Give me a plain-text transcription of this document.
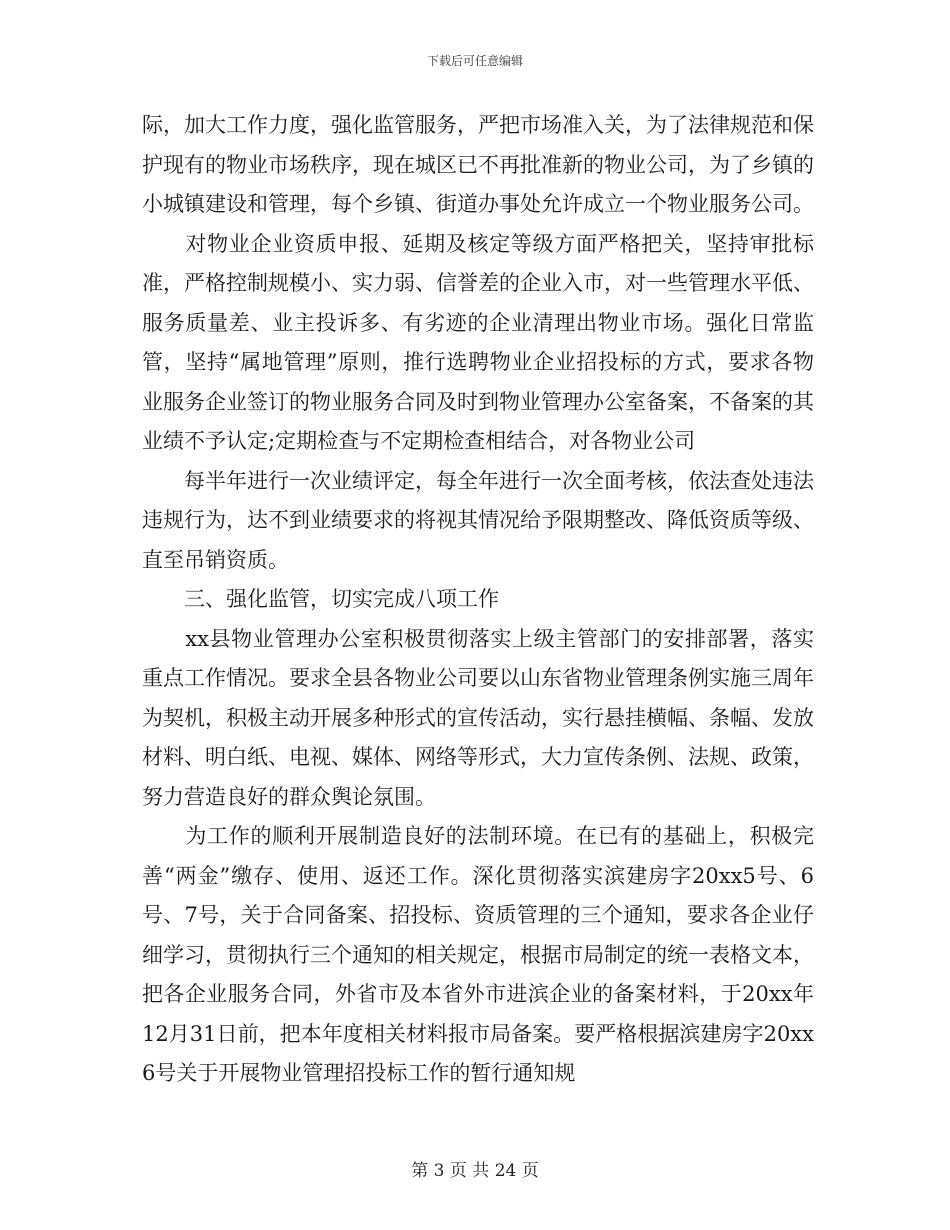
下载后可任意编辑

际，加大工作力度，强化监管服务，严把市场准入关，为了法律规范和保护现有的物业市场秩序，现在城区已不再批准新的物业公司，为了乡镇的小城镇建设和管理，每个乡镇、街道办事处允许成立一个物业服务公司。

　　对物业企业资质申报、延期及核定等级方面严格把关，坚持审批标准，严格控制规模小、实力弱、信誉差的企业入市，对一些管理水平低、服务质量差、业主投诉多、有劣迹的企业清理出物业市场。强化日常监管，坚持“属地管理”原则，推行选聘物业企业招投标的方式，要求各物业服务企业签订的物业服务合同及时到物业管理办公室备案，不备案的其业绩不予认定;定期检查与不定期检查相结合，对各物业公司

　　每半年进行一次业绩评定，每全年进行一次全面考核，依法查处违法违规行为，达不到业绩要求的将视其情况给予限期整改、降低资质等级、直至吊销资质。

　　三、强化监管，切实完成八项工作

　　xx县物业管理办公室积极贯彻落实上级主管部门的安排部署，落实重点工作情况。要求全县各物业公司要以山东省物业管理条例实施三周年为契机，积极主动开展多种形式的宣传活动，实行悬挂横幅、条幅、发放材料、明白纸、电视、媒体、网络等形式，大力宣传条例、法规、政策，努力营造良好的群众舆论氛围。

　　为工作的顺利开展制造良好的法制环境。在已有的基础上，积极完善“两金”缴存、使用、返还工作。深化贯彻落实滨建房字20xx5号、6号、7号，关于合同备案、招投标、资质管理的三个通知，要求各企业仔细学习，贯彻执行三个通知的相关规定，根据市局制定的统一表格文本，把各企业服务合同，外省市及本省外市进滨企业的备案材料，于20xx年12月31日前，把本年度相关材料报市局备案。要严格根据滨建房字20xx6号关于开展物业管理招投标工作的暂行通知规

第 3 页 共 24 页
